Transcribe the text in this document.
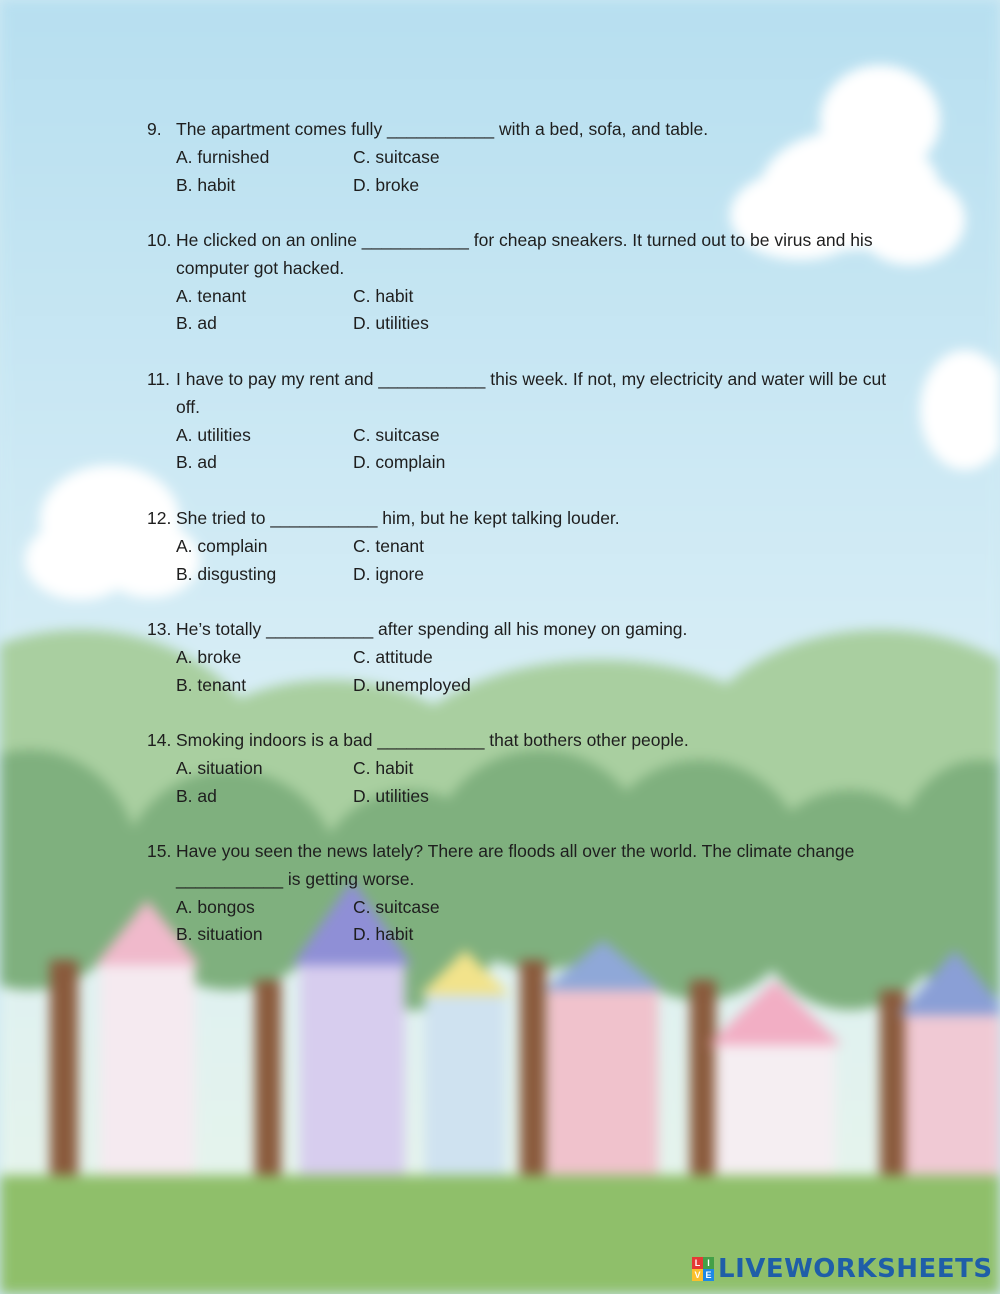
9. The apartment comes fully ___________ with a bed, sofa, and table.
A. furnished	C. suitcase
B. habit	D. broke
10. He clicked on an online ___________ for cheap sneakers. It turned out to be virus and his computer got hacked.
A. tenant	C. habit
B. ad	D. utilities
11. I have to pay my rent and ___________ this week. If not, my electricity and water will be cut off.
A. utilities	C. suitcase
B. ad	D. complain
12. She tried to ___________ him, but he kept talking louder.
A. complain	C. tenant
B. disgusting	D. ignore
13. He’s totally ___________ after spending all his money on gaming.
A. broke	C. attitude
B. tenant	D. unemployed
14. Smoking indoors is a bad ___________ that bothers other people.
A. situation	C. habit
B. ad	D. utilities
15. Have you seen the news lately? There are floods all over the world. The climate change ___________ is getting worse.
A. bongos	C. suitcase
B. situation	D. habit
L I
V E LIVEWORKSHEETS
